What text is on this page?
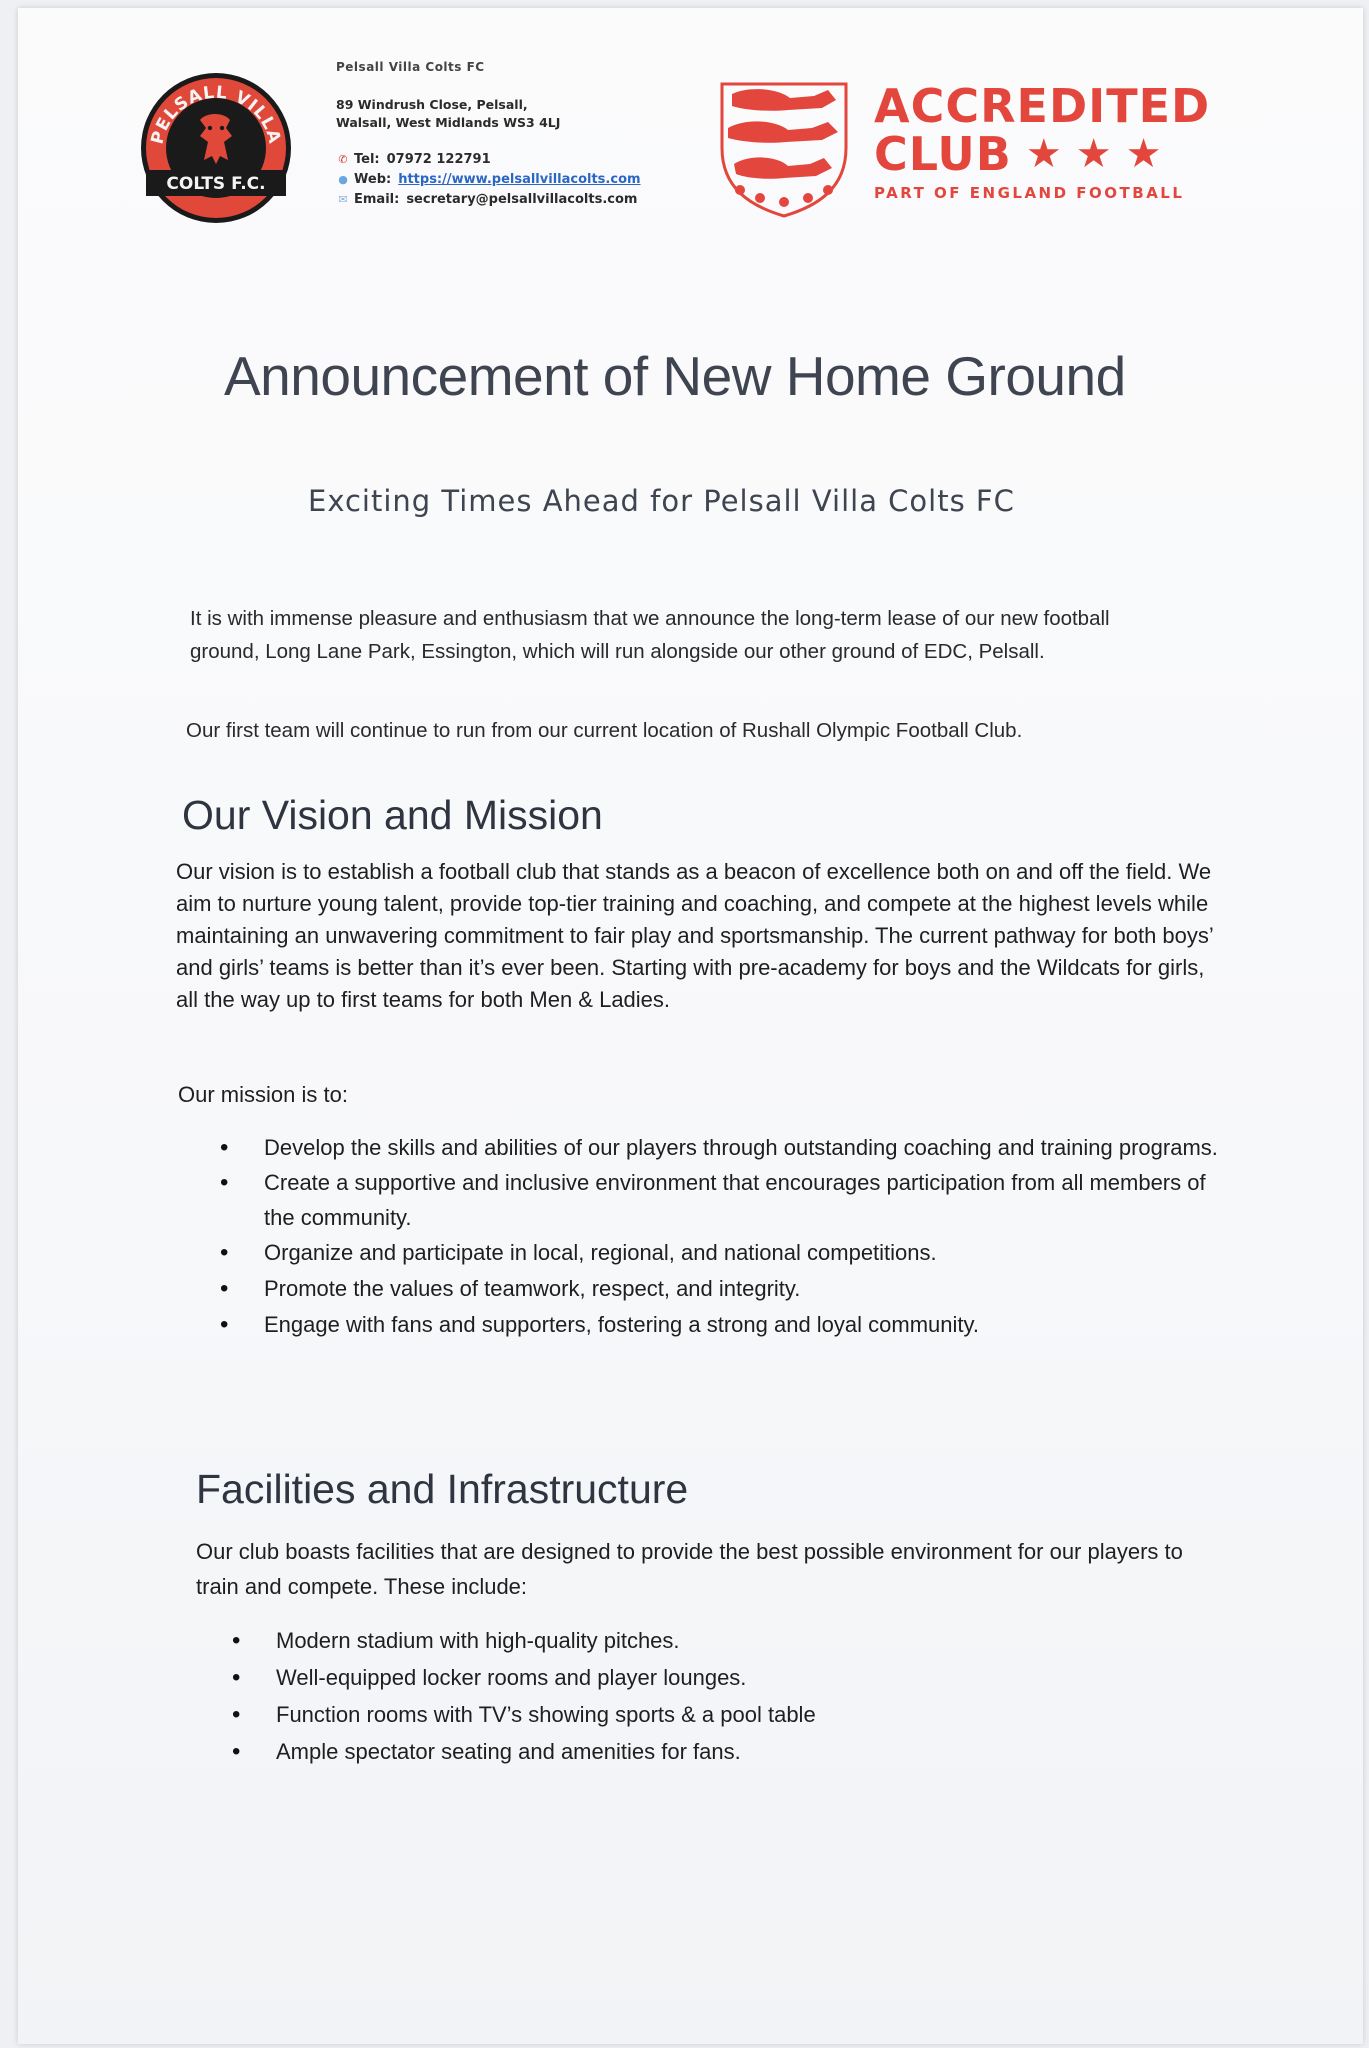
PELSALL VILLA
COLTS F.C.
Pelsall Villa Colts FC
89 Windrush Close, Pelsall,
Walsall, West Midlands WS3 4LJ
✆ Tel: 07972 122791
● Web: https://www.pelsallvillacolts.com
✉ Email: secretary@pelsallvillacolts.com
ACCREDITED
CLUB ★★★
PART OF ENGLAND FOOTBALL
Announcement of New Home Ground
Exciting Times Ahead for Pelsall Villa Colts FC

It is with immense pleasure and enthusiasm that we announce the long-term lease of our new football ground, Long Lane Park, Essington, which will run alongside our other ground of EDC, Pelsall.

Our first team will continue to run from our current location of Rushall Olympic Football Club.

Our Vision and Mission

Our vision is to establish a football club that stands as a beacon of excellence both on and off the field. We aim to nurture young talent, provide top-tier training and coaching, and compete at the highest levels while maintaining an unwavering commitment to fair play and sportsmanship. The current pathway for both boys’ and girls’ teams is better than it’s ever been. Starting with pre-academy for boys and the Wildcats for girls, all the way up to first teams for both Men & Ladies.

Our mission is to:

• Develop the skills and abilities of our players through outstanding coaching and training programs.
• Create a supportive and inclusive environment that encourages participation from all members of the community.
• Organize and participate in local, regional, and national competitions.
• Promote the values of teamwork, respect, and integrity.
• Engage with fans and supporters, fostering a strong and loyal community.
Facilities and Infrastructure

Our club boasts facilities that are designed to provide the best possible environment for our players to train and compete. These include:

• Modern stadium with high-quality pitches.
• Well-equipped locker rooms and player lounges.
• Function rooms with TV’s showing sports & a pool table
• Ample spectator seating and amenities for fans.
